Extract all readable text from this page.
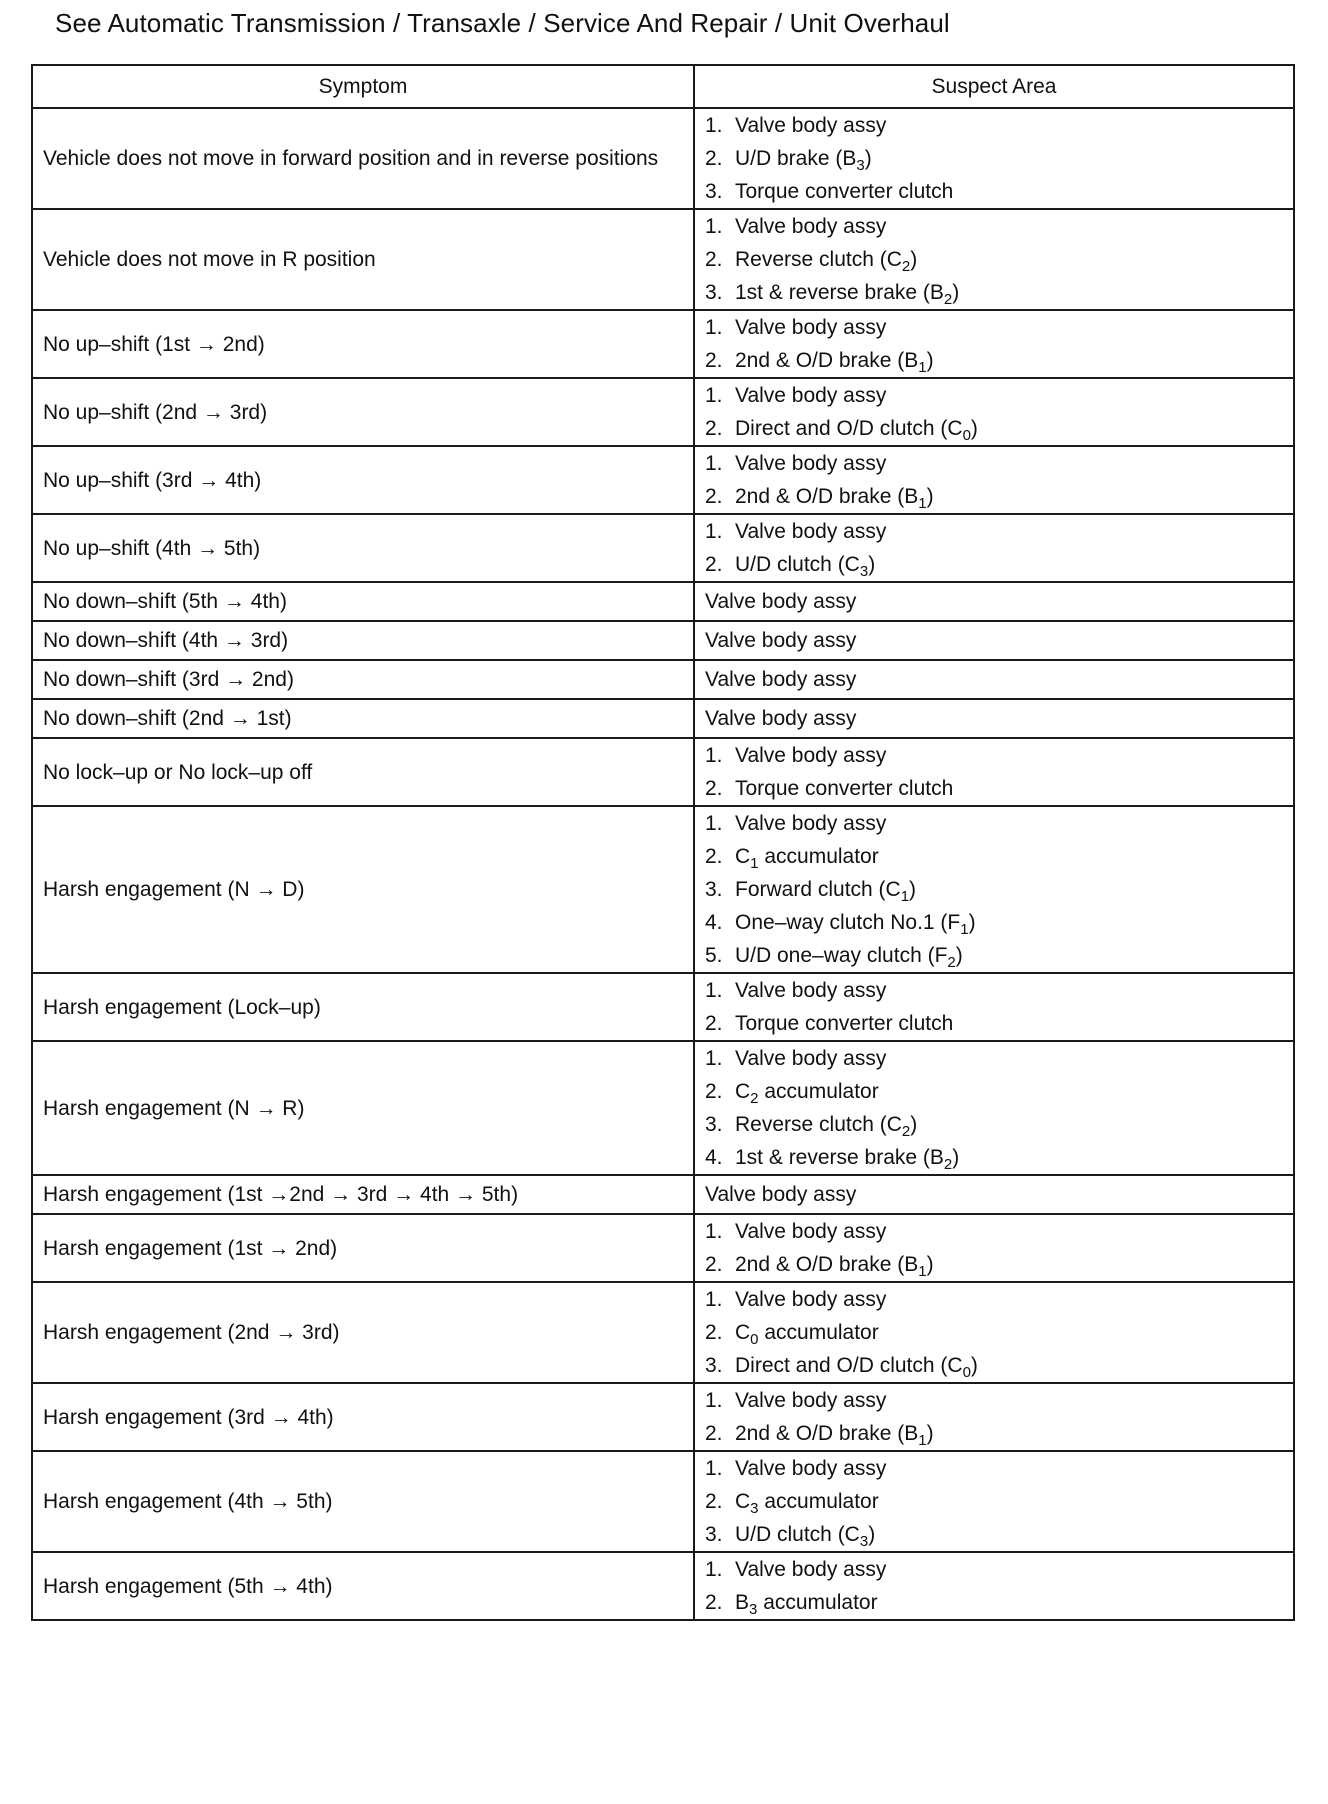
See Automatic Transmission / Transaxle / Service And Repair / Unit Overhaul
Symptom	Suspect Area
Vehicle does not move in forward position and in reverse positions	1. Valve body assy
2. U/D brake $(B_3)$
3. Torque converter clutch

Vehicle does not move in R position	1. Valve body assy
2. Reverse clutch $(C_2)$
3. 1st & reverse brake $(B_2)$

No up–shift (1st → 2nd)	1. Valve body assy
2. 2nd & O/D brake $(B_1)$

No up–shift (2nd → 3rd)	1. Valve body assy
2. Direct and O/D clutch $(C_0)$

No up–shift (3rd → 4th)	1. Valve body assy
2. 2nd & O/D brake $(B_1)$

No up–shift (4th → 5th)	1. Valve body assy
2. U/D clutch $(C_3)$

No down–shift (5th → 4th)	Valve body assy

No down–shift (4th → 3rd)	Valve body assy

No down–shift (3rd → 2nd)	Valve body assy

No down–shift (2nd → 1st)	Valve body assy

No lock–up or No lock–up off	1. Valve body assy
2. Torque converter clutch

Harsh engagement (N → D)	1. Valve body assy
2. $C_1$ accumulator
3. Forward clutch $(C_1)$
4. One–way clutch No.1 $(F_1)$
5. U/D one–way clutch $(F_2)$

Harsh engagement (Lock–up)	1. Valve body assy
2. Torque converter clutch

Harsh engagement (N → R)	1. Valve body assy
2. $C_2$ accumulator
3. Reverse clutch $(C_2)$
4. 1st & reverse brake $(B_2)$

Harsh engagement (1st →2nd → 3rd → 4th → 5th)	Valve body assy

Harsh engagement (1st → 2nd)	1. Valve body assy
2. 2nd & O/D brake $(B_1)$

Harsh engagement (2nd → 3rd)	1. Valve body assy
2. $C_0$ accumulator
3. Direct and O/D clutch $(C_0)$

Harsh engagement (3rd → 4th)	1. Valve body assy
2. 2nd & O/D brake $(B_1)$

Harsh engagement (4th → 5th)	1. Valve body assy
2. $C_3$ accumulator
3. U/D clutch $(C_3)$

Harsh engagement (5th → 4th)	1. Valve body assy
2. $B_3$ accumulator
